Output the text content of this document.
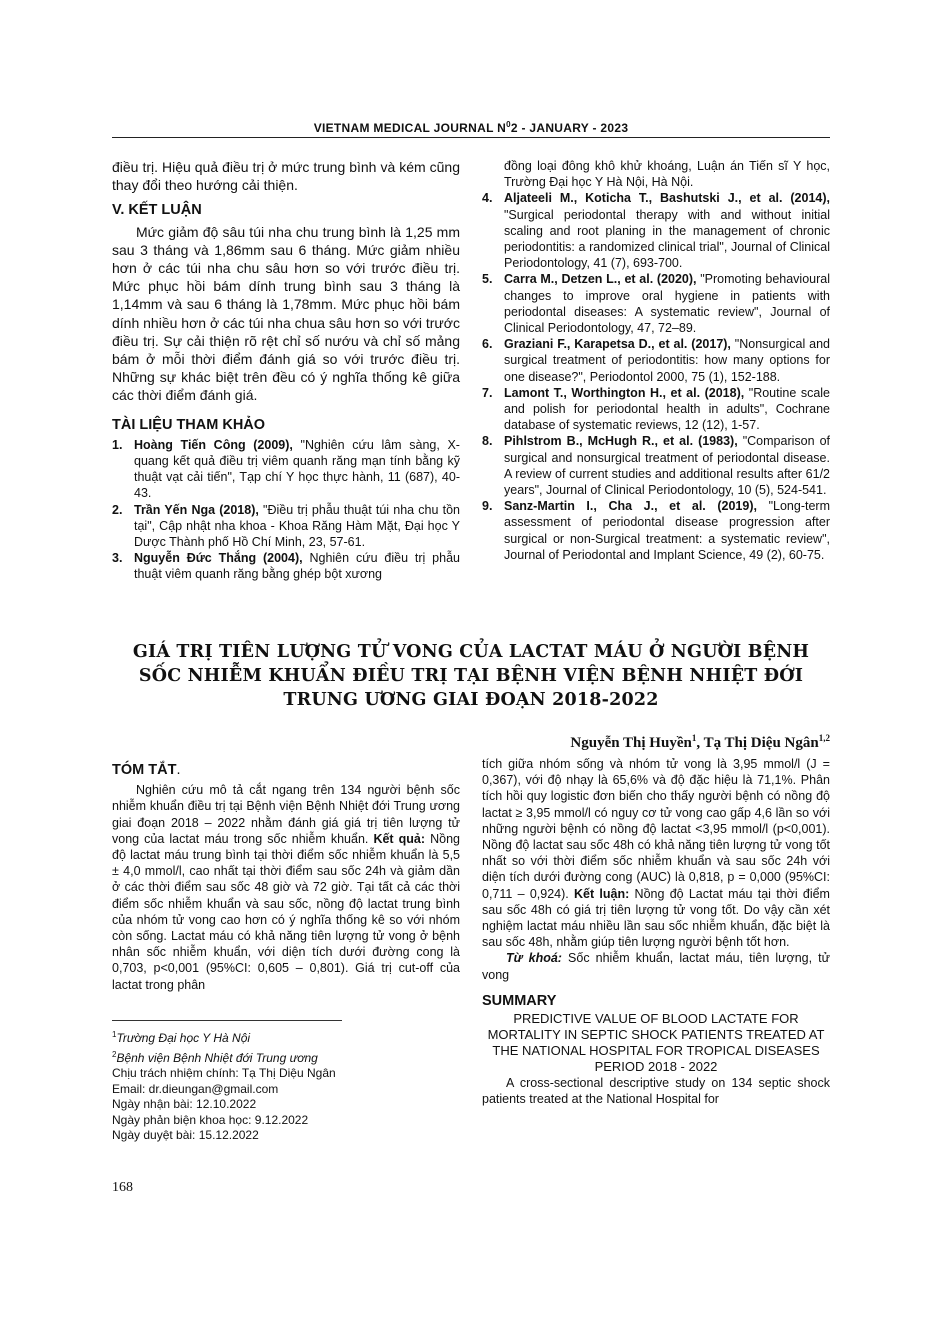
VIETNAM MEDICAL JOURNAL $N^02$ - JANUARY - 2023

điều trị. Hiệu quả điều trị ở mức trung bình và kém cũng thay đổi theo hướng cải thiện.

V. KẾT LUẬN

Mức giảm độ sâu túi nha chu trung bình là 1,25 mm sau 3 tháng và 1,86mm sau 6 tháng. Mức giảm nhiều hơn ở các túi nha chu sâu hơn so với trước điều trị. Mức phục hồi bám dính trung bình sau 3 tháng là 1,14mm và sau 6 tháng là 1,78mm. Mức phục hồi bám dính nhiều hơn ở các túi nha chua sâu hơn so với trước điều trị. Sự cải thiện rõ rệt chỉ số nướu và chỉ số mảng bám ở mỗi thời điểm đánh giá so với trước điều trị. Những sự khác biệt trên đều có ý nghĩa thống kê giữa các thời điểm đánh giá.

TÀI LIỆU THAM KHẢO
1. Hoàng Tiến Công (2009), "Nghiên cứu lâm sàng, X-quang kết quả điều trị viêm quanh răng mạn tính bằng kỹ thuật vạt cải tiến", Tạp chí Y học thực hành, 11 (687), 40-43.
2. Trần Yến Nga (2018), "Điều trị phẫu thuật túi nha chu tồn tại", Cập nhật nha khoa - Khoa Răng Hàm Mặt, Đại học Y Dược Thành phố Hồ Chí Minh, 23, 57-61.
3. Nguyễn Đức Thắng (2004), Nghiên cứu điều trị phẫu thuật viêm quanh răng bằng ghép bột xương
đồng loại đông khô khử khoáng, Luận án Tiến sĩ Y học, Trường Đại học Y Hà Nội, Hà Nội.
4. Aljateeli M., Koticha T., Bashutski J., et al. (2014), "Surgical periodontal therapy with and without initial scaling and root planing in the management of chronic periodontitis: a randomized clinical trial", Journal of Clinical Periodontology, 41 (7), 693-700.
5. Carra M., Detzen L., et al. (2020), "Promoting behavioural changes to improve oral hygiene in patients with periodontal diseases: A systematic review", Journal of Clinical Periodontology, 47, 72–89.
6. Graziani F., Karapetsa D., et al. (2017), "Nonsurgical and surgical treatment of periodontitis: how many options for one disease?", Periodontol 2000, 75 (1), 152-188.
7. Lamont T., Worthington H., et al. (2018), "Routine scale and polish for periodontal health in adults", Cochrane database of systematic reviews, 12 (12), 1-57.
8. Pihlstrom B., McHugh R., et al. (1983), "Comparison of surgical and nonsurgical treatment of periodontal disease. A review of current studies and additional results after 61/2 years", Journal of Clinical Periodontology, 10 (5), 524-541.
9. Sanz-Martin I., Cha J., et al. (2019), "Long-term assessment of periodontal disease progression after surgical or non-Surgical treatment: a systematic review", Journal of Periodontal and Implant Science, 49 (2), 60-75.
GIÁ TRỊ TIÊN LƯỢNG TỬ VONG CỦA LACTAT MÁU Ở NGƯỜI BỆNH SỐC NHIỄM KHUẨN ĐIỀU TRỊ TẠI BỆNH VIỆN BỆNH NHIỆT ĐỚI TRUNG ƯƠNG GIAI ĐOẠN 2018-2022
Nguyễn Thị Huyền$^1$, Tạ Thị Diệu Ngân$^{1,2}$
TÓM TẮT.

Nghiên cứu mô tả cắt ngang trên 134 người bệnh sốc nhiễm khuẩn điều trị tại Bệnh viện Bệnh Nhiệt đới Trung ương giai đoạn 2018 – 2022 nhằm đánh giá giá trị tiên lượng tử vong của lactat máu trong sốc nhiễm khuẩn. Kết quả: Nồng độ lactat máu trung bình tại thời điểm sốc nhiễm khuẩn là 5,5 ± 4,0 mmol/l, cao nhất tại thời điểm sau sốc 24h và giảm dần ở các thời điểm sau sốc 48 giờ và 72 giờ. Tại tất cả các thời điểm sốc nhiễm khuẩn và sau sốc, nồng độ lactat trung bình của nhóm tử vong cao hơn có ý nghĩa thống kê so với nhóm còn sống. Lactat máu có khả năng tiên lượng tử vong ở bệnh nhân sốc nhiễm khuẩn, với diện tích dưới đường cong là 0,703, p<0,001 (95%CI: 0,605 – 0,801). Giá trị cut-off của lactat trong phân

tích giữa nhóm sống và nhóm tử vong là 3,95 mmol/l (J = 0,367), với độ nhạy là 65,6% và độ đặc hiệu là 71,1%. Phân tích hồi quy logistic đơn biến cho thấy người bệnh có nồng độ lactat ≥ 3,95 mmol/l có nguy cơ tử vong cao gấp 4,6 lần so với những người bệnh có nồng độ lactat <3,95 mmol/l (p<0,001). Nồng độ lactat sau sốc 48h có khả năng tiên lượng tử vong tốt nhất so với thời điểm sốc nhiễm khuẩn và sau sốc 24h với diện tích dưới đường cong (AUC) là 0,818, p = 0,000 (95%CI: 0,711 – 0,924). Kết luận: Nồng độ Lactat máu tại thời điểm sau sốc 48h có giá trị tiên lượng tử vong tốt. Do vậy cần xét nghiệm lactat máu nhiều lần sau sốc nhiễm khuẩn, đặc biệt là sau sốc 48h, nhằm giúp tiên lượng người bệnh tốt hơn.

Từ khoá: Sốc nhiễm khuẩn, lactat máu, tiên lượng, tử vong

SUMMARY

PREDICTIVE VALUE OF BLOOD LACTATE FOR MORTALITY IN SEPTIC SHOCK PATIENTS TREATED AT THE NATIONAL HOSPITAL FOR TROPICAL DISEASES PERIOD 2018 - 2022

A cross-sectional descriptive study on 134 septic shock patients treated at the National Hospital for

$^1$Trường Đại học Y Hà Nội

$^2$Bệnh viện Bệnh Nhiệt đới Trung ương

Chịu trách nhiệm chính: Tạ Thị Diệu Ngân

Email: dr.dieungan@gmail.com

Ngày nhận bài: 12.10.2022

Ngày phản biện khoa học: 9.12.2022

Ngày duyệt bài: 15.12.2022

168
